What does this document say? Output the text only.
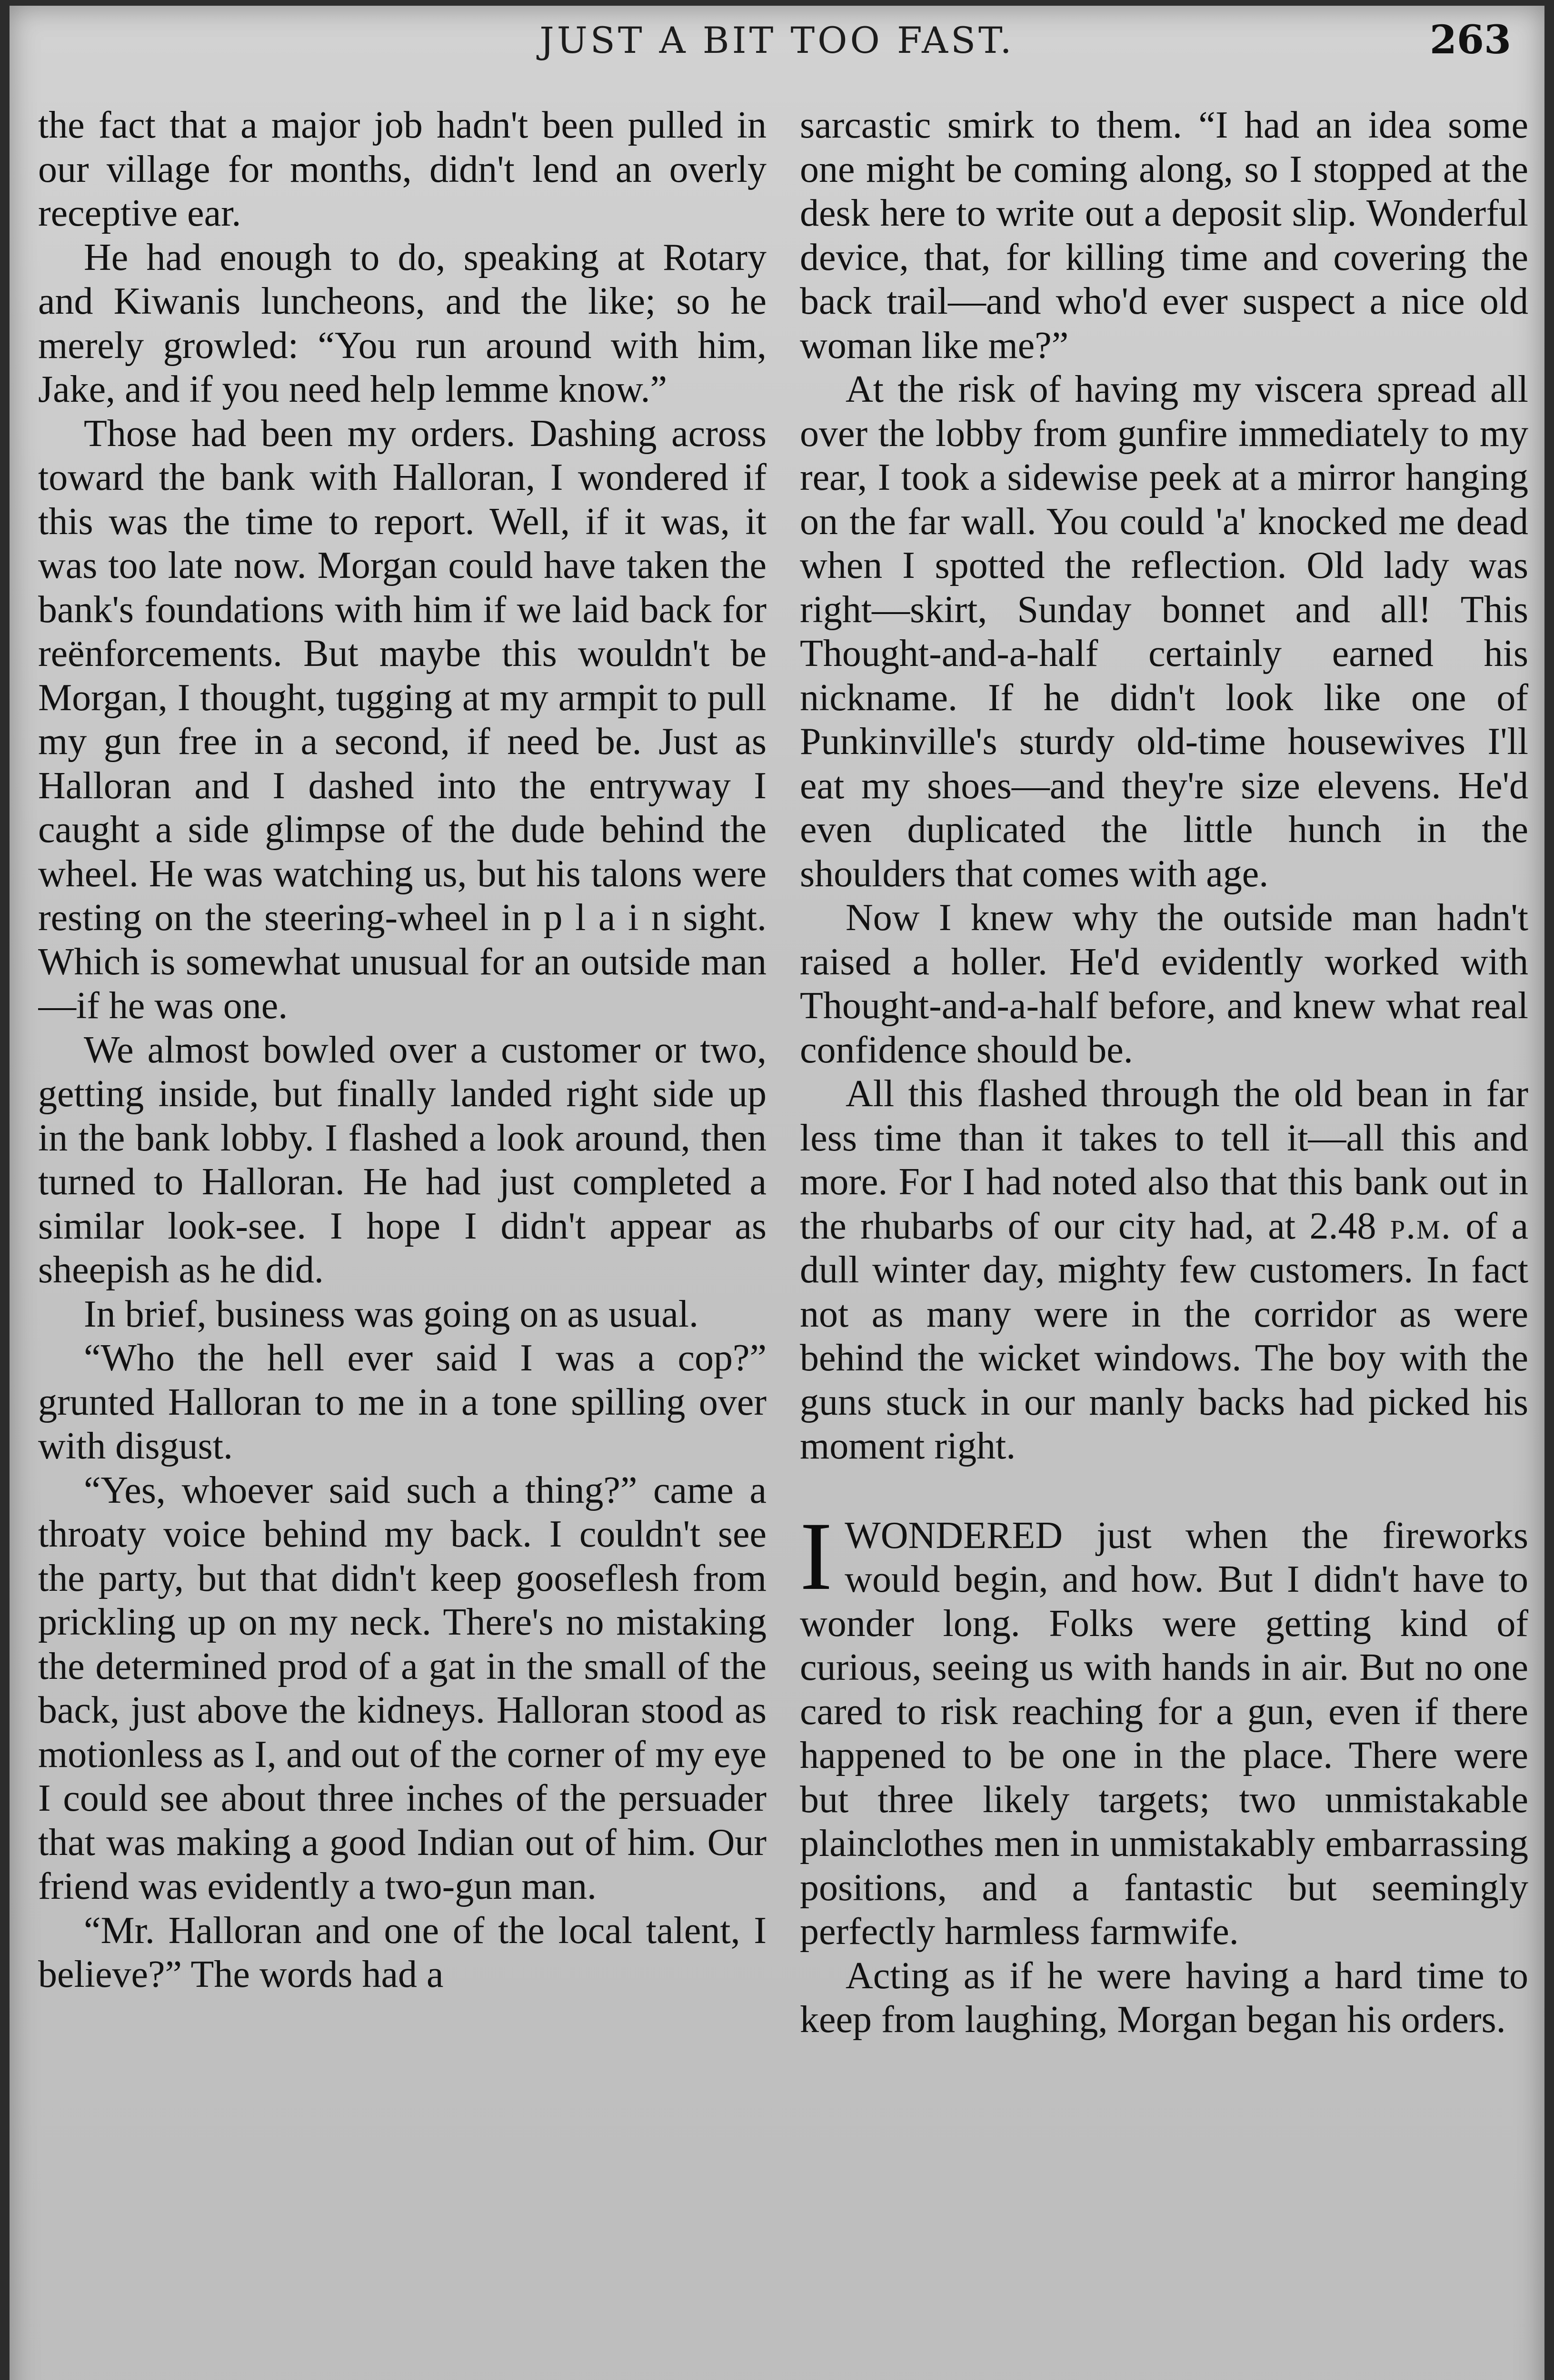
JUST A BIT TOO FAST.	263

the fact that a major job hadn't been pulled in our village for months, didn't lend an overly receptive ear.

He had enough to do, speaking at Rotary and Kiwanis luncheons, and the like; so he merely growled: “You run around with him, Jake, and if you need help lemme know.”

Those had been my orders. Dashing across toward the bank with Halloran, I wondered if this was the time to report. Well, if it was, it was too late now. Morgan could have taken the bank's foundations with him if we laid back for reënforcements. But maybe this wouldn't be Morgan, I thought, tugging at my armpit to pull my gun free in a second, if need be. Just as Halloran and I dashed into the entryway I caught a side glimpse of the dude behind the wheel. He was watching us, but his talons were resting on the steering-wheel in p l a i n sight. Which is somewhat unusual for an outside man—if he was one.

We almost bowled over a customer or two, getting inside, but finally landed right side up in the bank lobby. I flashed a look around, then turned to Halloran. He had just completed a similar look-see. I hope I didn't appear as sheepish as he did.

In brief, business was going on as usual.

“Who the hell ever said I was a cop?” grunted Halloran to me in a tone spilling over with disgust.

“Yes, whoever said such a thing?” came a throaty voice behind my back. I couldn't see the party, but that didn't keep gooseflesh from prickling up on my neck. There's no mistaking the determined prod of a gat in the small of the back, just above the kidneys. Halloran stood as motionless as I, and out of the corner of my eye I could see about three inches of the persuader that was making a good Indian out of him. Our friend was evidently a two-gun man.

“Mr. Halloran and one of the local talent, I believe?” The words had a

sarcastic smirk to them. “I had an idea some one might be coming along, so I stopped at the desk here to write out a deposit slip. Wonderful device, that, for killing time and covering the back trail—and who'd ever suspect a nice old woman like me?”

At the risk of having my viscera spread all over the lobby from gunfire immediately to my rear, I took a sidewise peek at a mirror hanging on the far wall. You could 'a' knocked me dead when I spotted the reflection. Old lady was right—skirt, Sunday bonnet and all! This Thought-and-a-half certainly earned his nickname. If he didn't look like one of Punkinville's sturdy old-time housewives I'll eat my shoes—and they're size elevens. He'd even duplicated the little hunch in the shoulders that comes with age.

Now I knew why the outside man hadn't raised a holler. He'd evidently worked with Thought-and-a-half before, and knew what real confidence should be.

All this flashed through the old bean in far less time than it takes to tell it—all this and more. For I had noted also that this bank out in the rhubarbs of our city had, at 2.48 p.m. of a dull winter day, mighty few customers. In fact not as many were in the corridor as were behind the wicket windows. The boy with the guns stuck in our manly backs had picked his moment right.

IWONDERED just when the fireworks would begin, and how. But I didn't have to wonder long. Folks were getting kind of curious, seeing us with hands in air. But no one cared to risk reaching for a gun, even if there happened to be one in the place. There were but three likely targets; two unmistakable plainclothes men in unmistakably embarrassing positions, and a fantastic but seemingly perfectly harmless farmwife.

Acting as if he were having a hard time to keep from laughing, Morgan began his orders.
